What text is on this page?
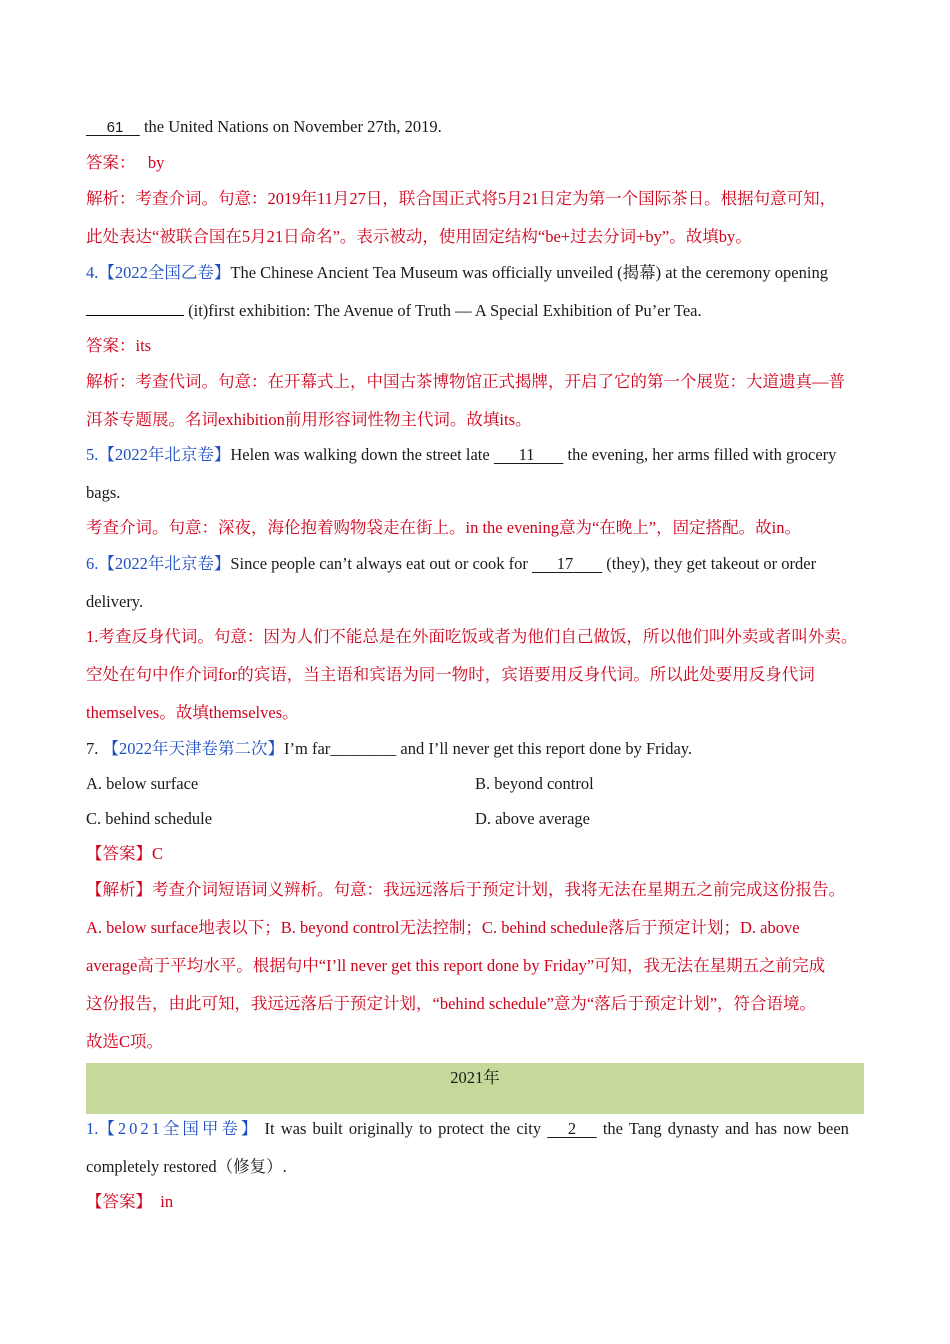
61     the United Nations on November 27th, 2019.
答案： by
解析：考查介词。句意：2019年11月27日，联合国正式将5月21日定为第一个国际茶日。根据句意可知，
此处表达“被联合国在5月21日命名”。表示被动，使用固定结构“be+过去分词+by”。故填by。
4.【2022全国乙卷】The Chinese Ancient Tea Museum was officially unveiled (揭幕) at the ceremony opening
(it)first exhibition: The Avenue of Truth — A Special Exhibition of Pu’er Tea.
答案：its
解析：考查代词。句意：在开幕式上，中国古茶博物馆正式揭牌，开启了它的第一个展览：大道遗真—普
洱茶专题展。名词exhibition前用形容词性物主代词。故填its。
5.【2022年北京卷】Helen was walking down the street late       11        the evening, her arms filled with grocery
bags.
考查介词。句意：深夜，海伦抱着购物袋走在街上。in the evening意为“在晚上”，固定搭配。故in。
6.【2022年北京卷】Since people can’t always eat out or cook for       17        (they), they get takeout or order
delivery.
1.考查反身代词。句意：因为人们不能总是在外面吃饭或者为他们自己做饭，所以他们叫外卖或者叫外卖。
空处在句中作介词for的宾语，当主语和宾语为同一物时，宾语要用反身代词。所以此处要用反身代词
themselves。故填themselves。
7. 【2022年天津卷第二次】I’m far________ and I’ll never get this report done by Friday.
A. below surface	B. beyond control
C. behind schedule	D. above average
【答案】C
【解析】考查介词短语词义辨析。句意：我远远落后于预定计划，我将无法在星期五之前完成这份报告。
A. below surface地表以下；B. beyond control无法控制；C. behind schedule落后于预定计划；D. above
average高于平均水平。根据句中“I’ll never get this report done by Friday”可知，我无法在星期五之前完成
这份报告，由此可知，我远远落后于预定计划，“behind schedule”意为“落后于预定计划”，符合语境。
故选C项。
2021年
1.【2021全国甲卷】 It was built originally to protect the city      2      the Tang dynasty and has now been
completely restored（修复）.
【答案】 in
